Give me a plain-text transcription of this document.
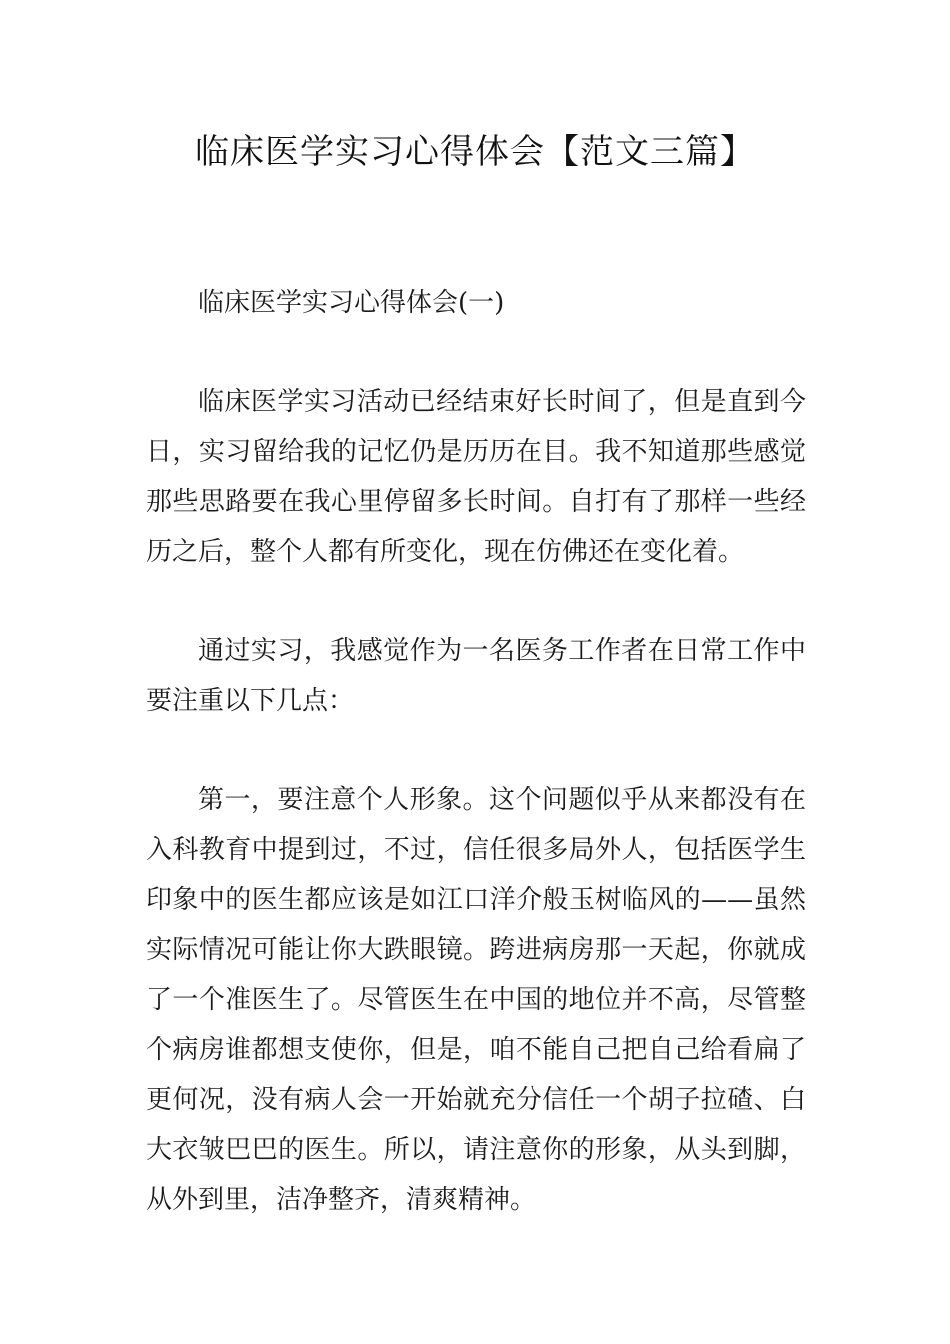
临床医学实习心得体会【范文三篇】

临床医学实习心得体会(一)

临床医学实习活动已经结束好长时间了，但是直到今日，实习留给我的记忆仍是历历在目。我不知道那些感觉那些思路要在我心里停留多长时间。自打有了那样一些经历之后，整个人都有所变化，现在仿佛还在变化着。

通过实习，我感觉作为一名医务工作者在日常工作中要注重以下几点：

第一，要注意个人形象。这个问题似乎从来都没有在入科教育中提到过，不过，信任很多局外人，包括医学生印象中的医生都应该是如江口洋介般玉树临风的——虽然实际情况可能让你大跌眼镜。跨进病房那一天起，你就成了一个准医生了。尽管医生在中国的地位并不高，尽管整个病房谁都想支使你，但是，咱不能自己把自己给看扁了更何况，没有病人会一开始就充分信任一个胡子拉碴、白大衣皱巴巴的医生。所以，请注意你的形象，从头到脚，从外到里，洁净整齐，清爽精神。
